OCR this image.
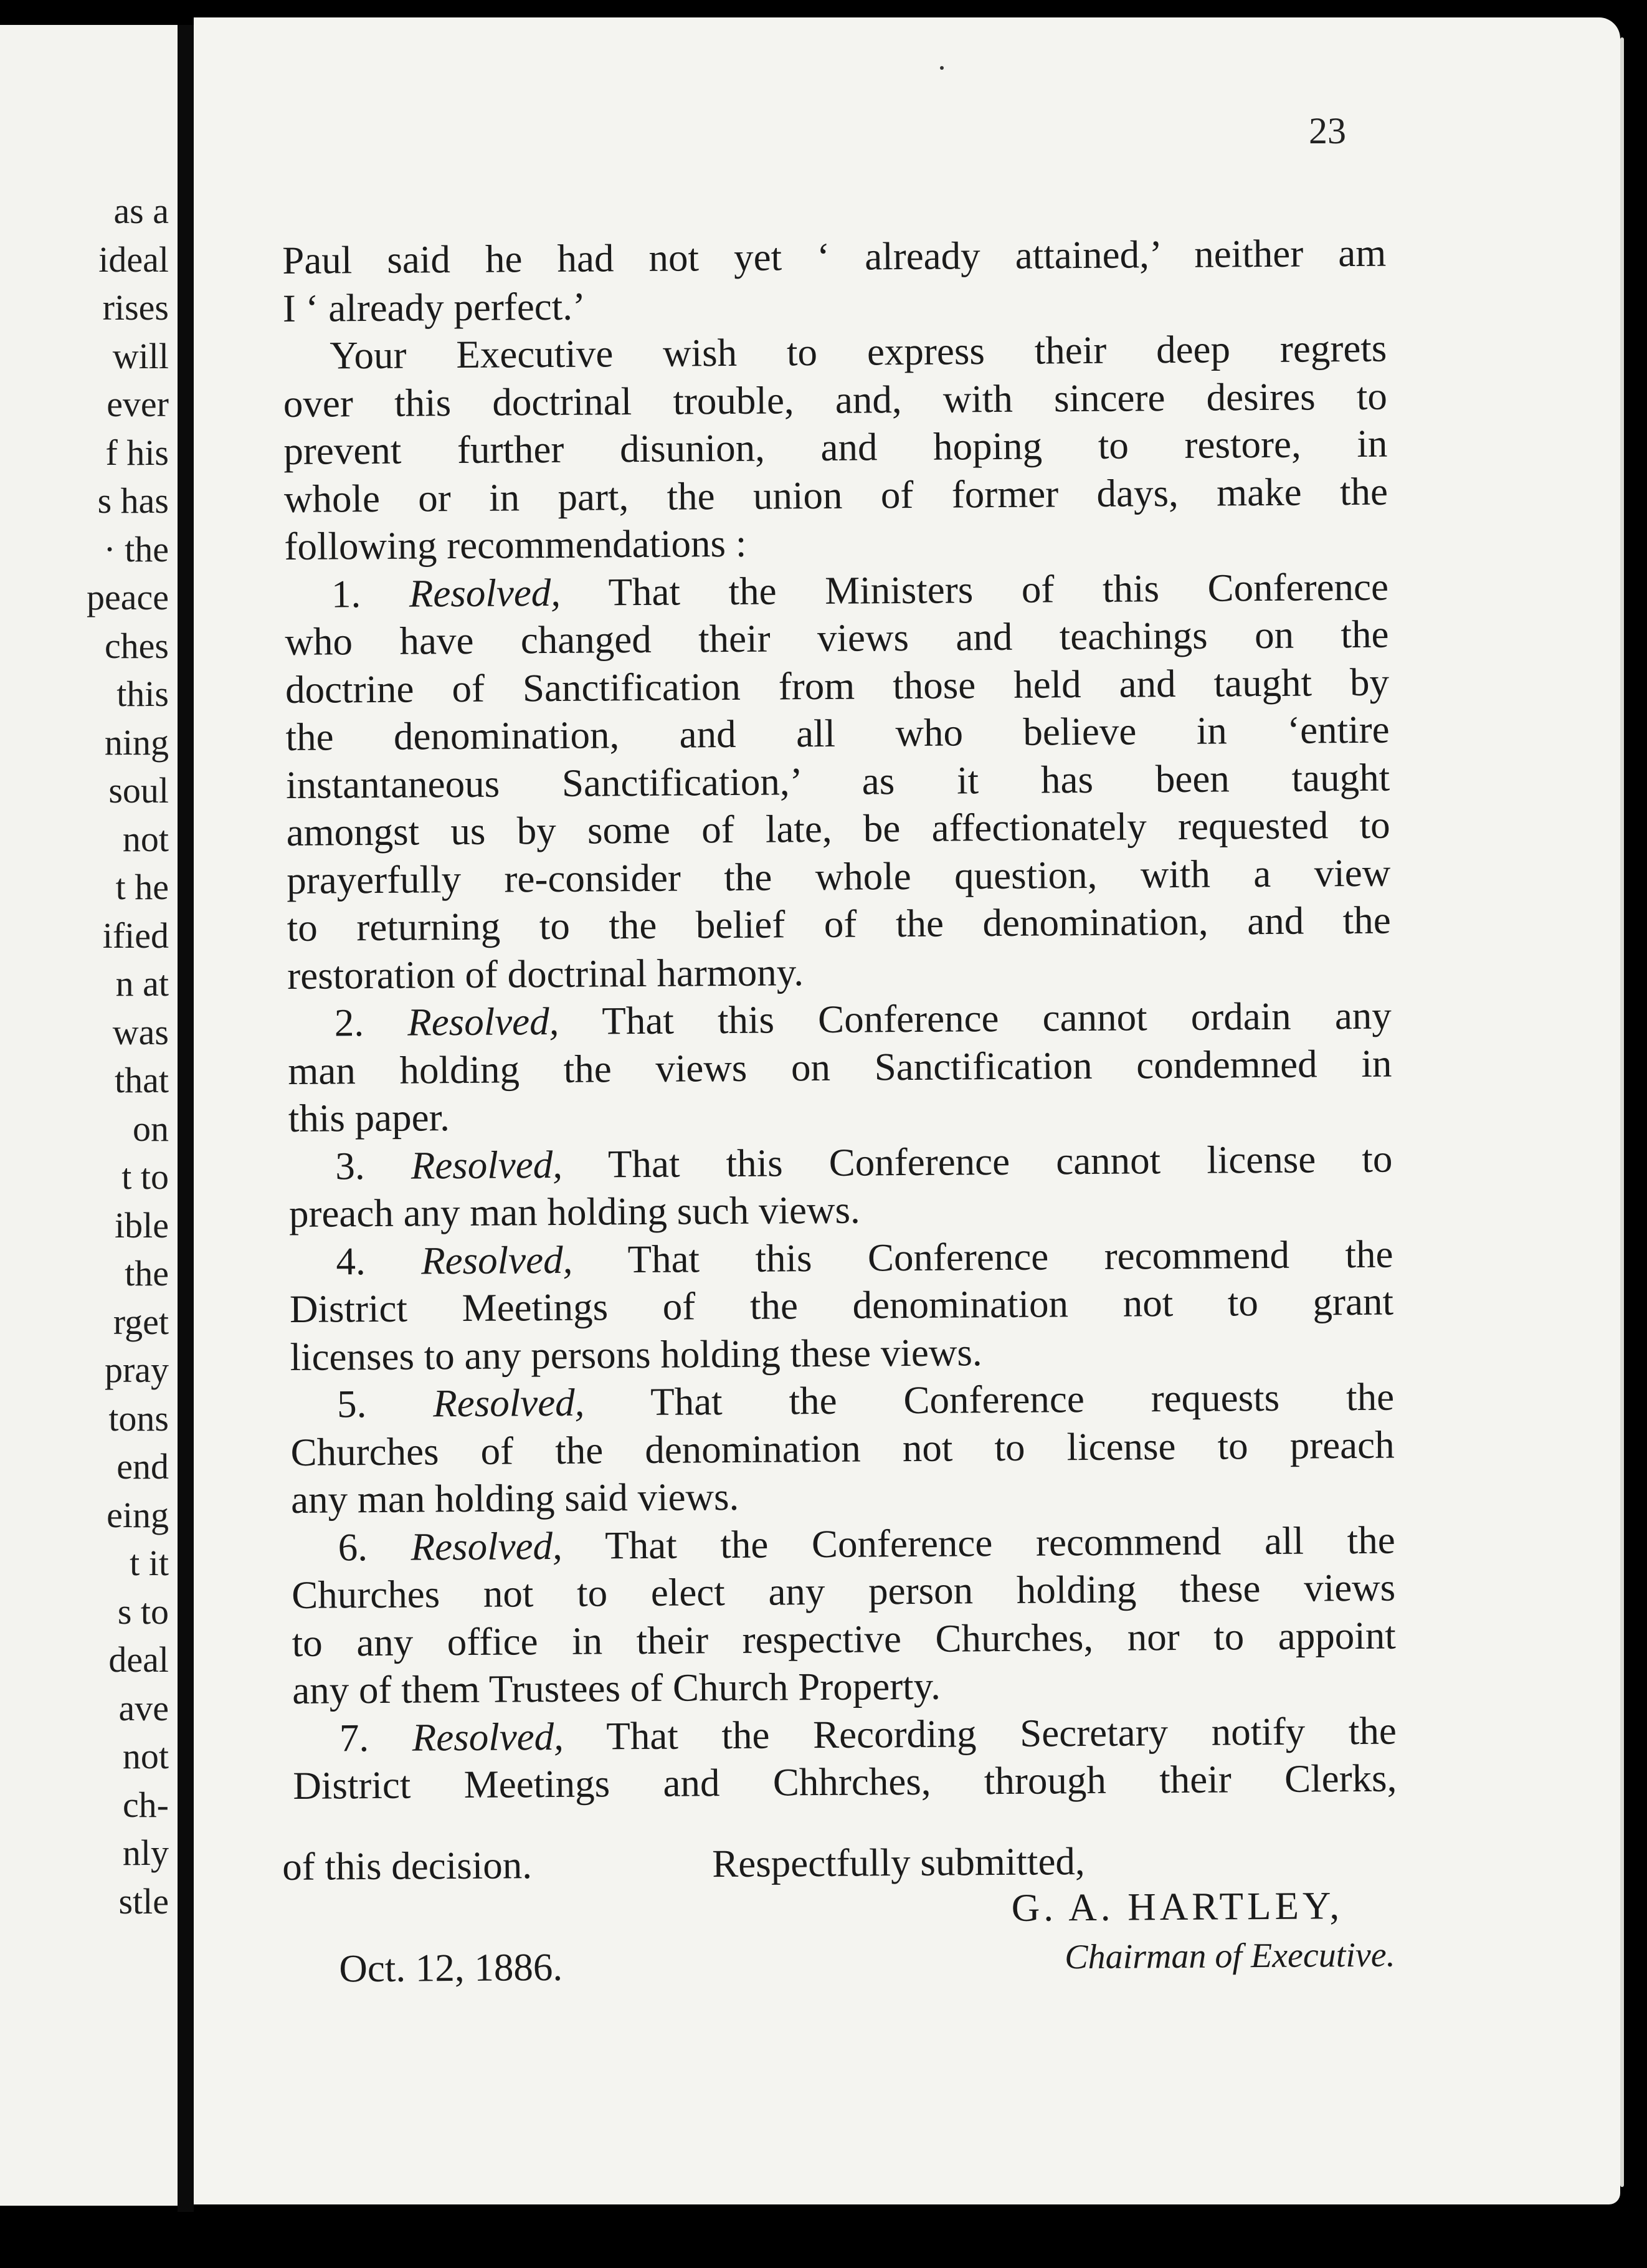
as a
ideal
rises
will
ever
f his
s has
· the
peace
ches
this
ning
soul
not
t he
ified
n at
was
that
on
t to
ible
the
rget
pray
tons
end
eing
t it
s to
deal
ave
not
ch-
nly
stle
23
Paul said he had not yet ‘ already attained,’ neither am
I ‘ already perfect.’
Your Executive wish to express their deep regrets
over this doctrinal trouble, and, with sincere desires to
prevent further disunion, and hoping to restore, in
whole or in part, the union of former days, make the
following recommendations :
1. Resolved, That the Ministers of this Conference
who have changed their views and teachings on the
doctrine of Sanctification from those held and taught by
the denomination, and all who believe in ‘entire
instantaneous Sanctification,’ as it has been taught
amongst us by some of late, be affectionately requested to
prayerfully re-consider the whole question, with a view
to returning to the belief of the denomination, and the
restoration of doctrinal harmony.
2. Resolved, That this Conference cannot ordain any
man holding the views on Sanctification condemned in
this paper.
3. Resolved, That this Conference cannot license to
preach any man holding such views.
4. Resolved, That this Conference recommend the
District Meetings of the denomination not to grant
licenses to any persons holding these views.
5. Resolved, That the Conference requests the
Churches of the denomination not to license to preach
any man holding said views.
6. Resolved, That the Conference recommend all the
Churches not to elect any person holding these views
to any office in their respective Churches, nor to appoint
any of them Trustees of Church Property.
7. Resolved, That the Recording Secretary notify the
District Meetings and Chhrches, through their Clerks,
of this decision.	Respectfully submitted,
G. A. HARTLEY,
Oct. 12, 1886.	Chairman of Executive.
